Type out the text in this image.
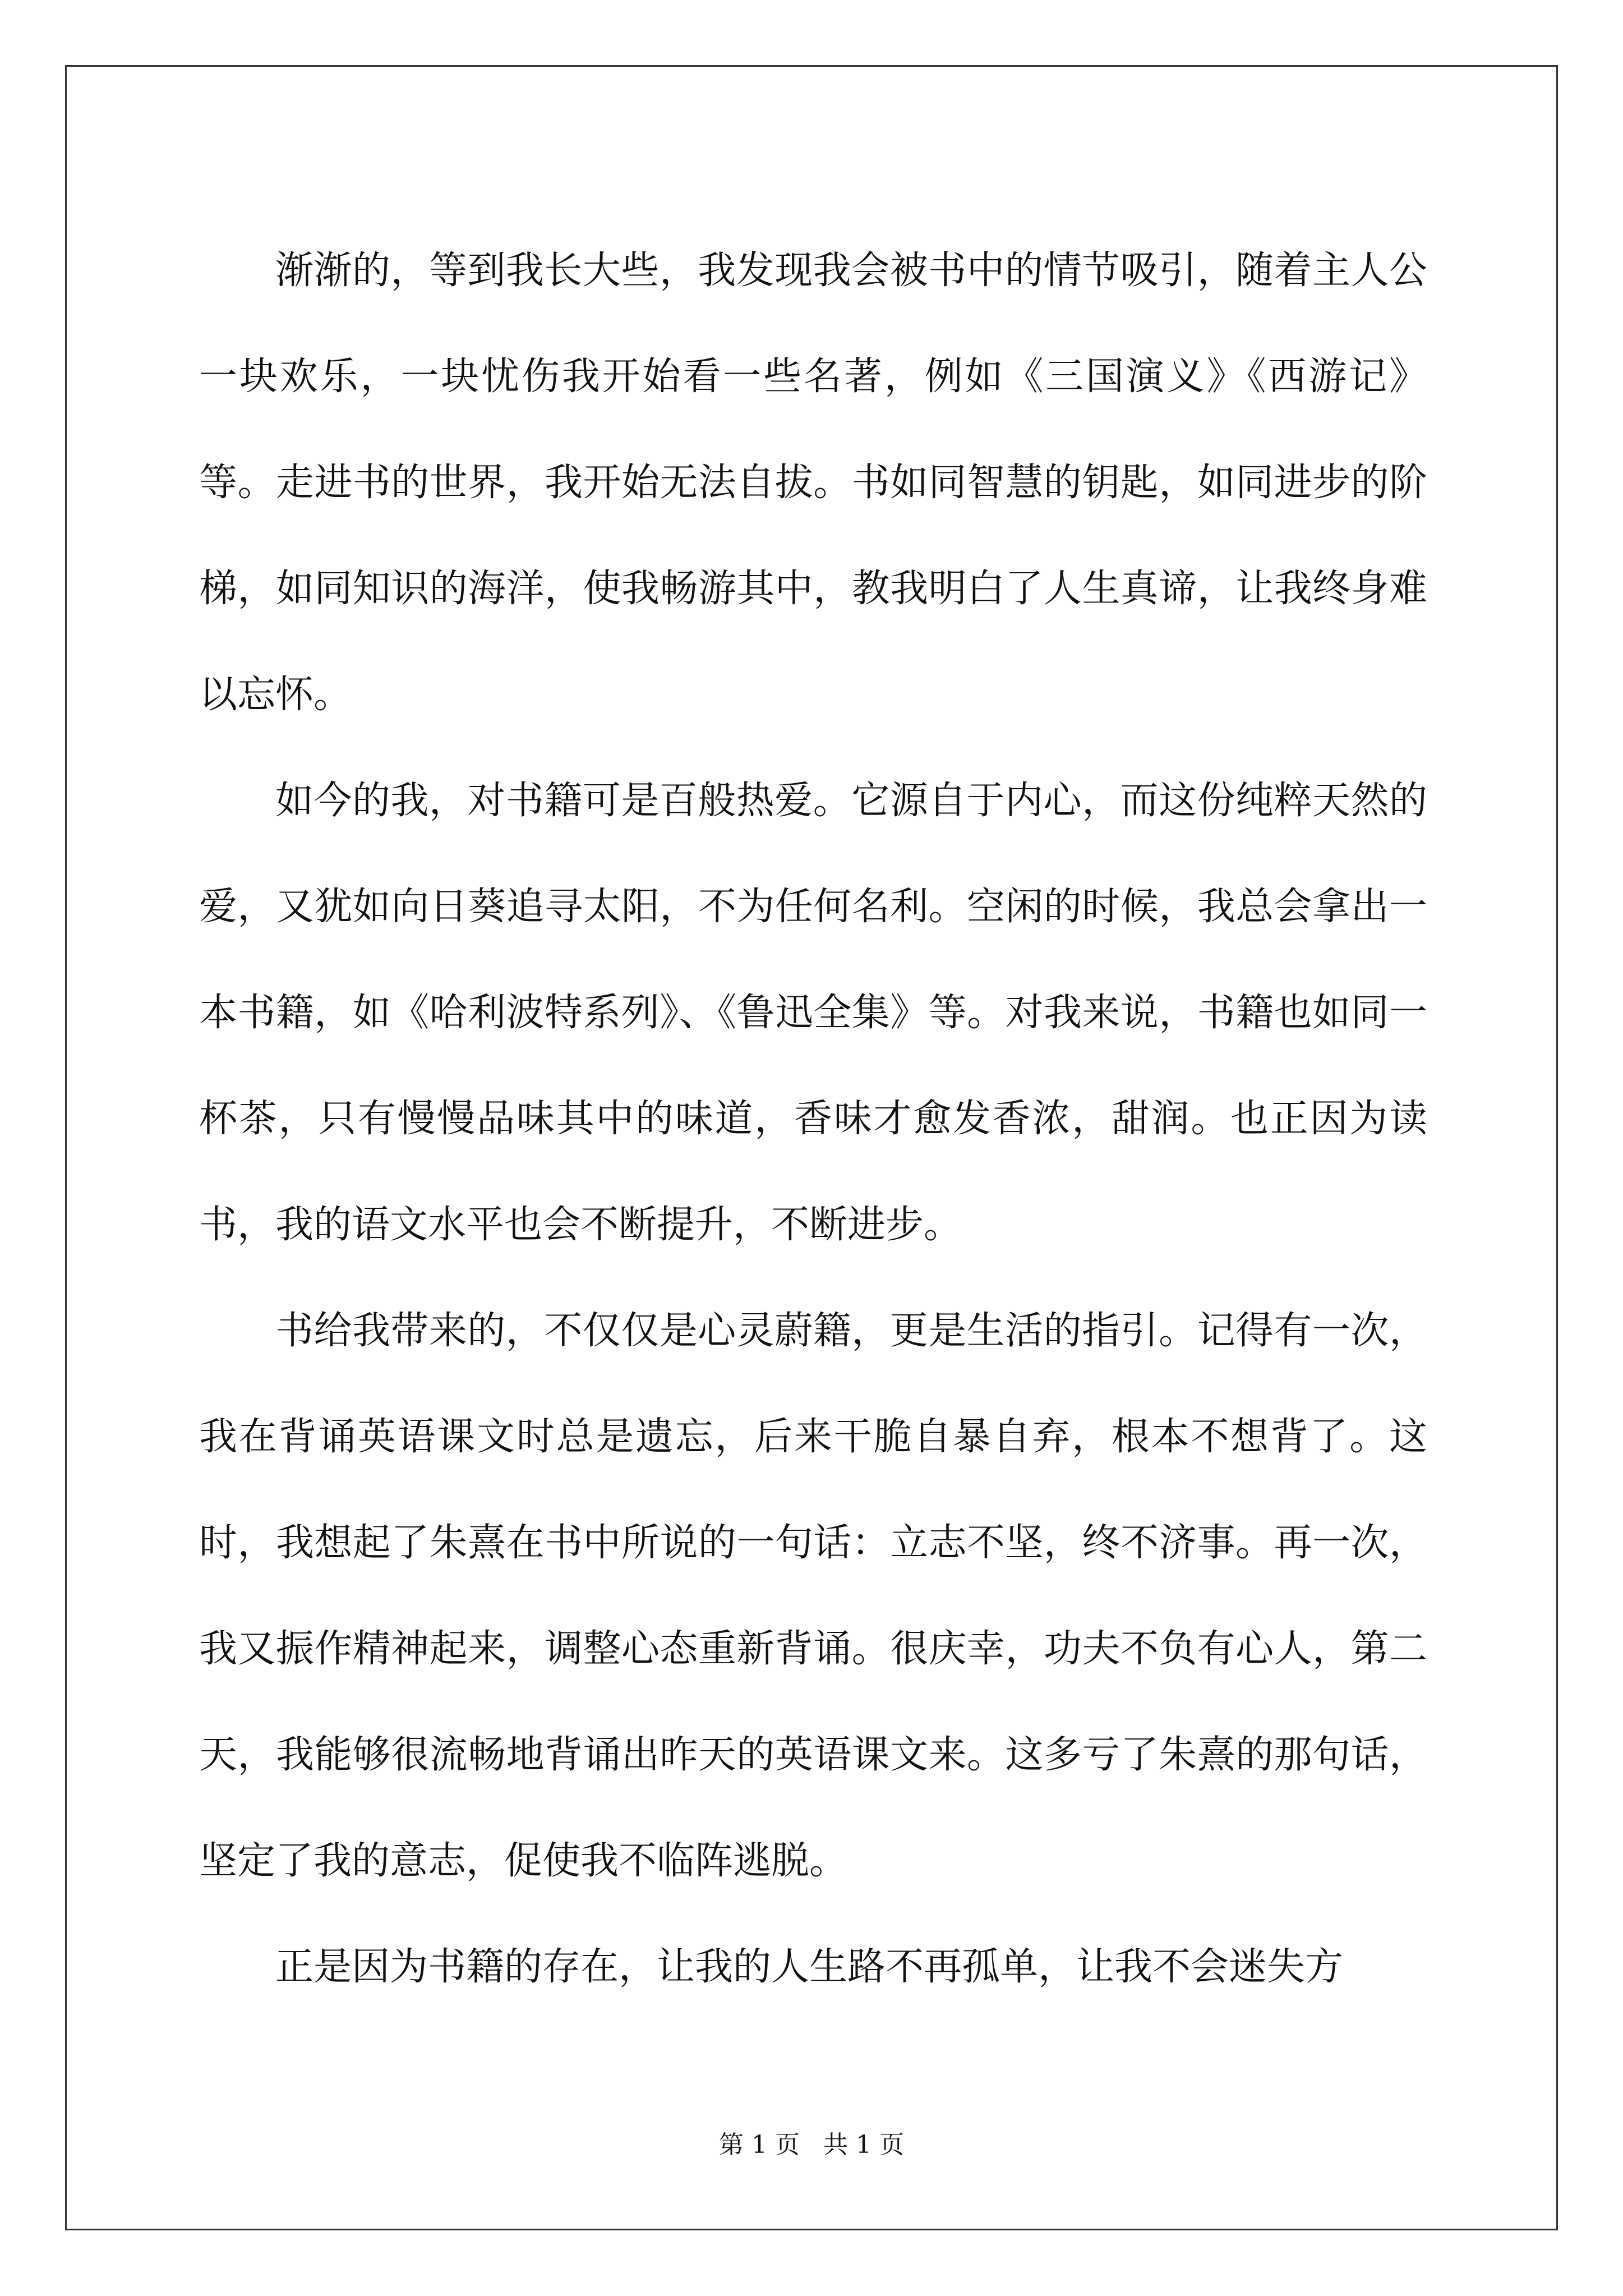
渐渐的，等到我长大些，我发现我会被书中的情节吸引，随着主人公一块欢乐，一块忧伤我开始看一些名著，例如《三国演义》《西游记》等。走进书的世界，我开始无法自拔。书如同智慧的钥匙，如同进步的阶梯，如同知识的海洋，使我畅游其中，教我明白了人生真谛，让我终身难以忘怀。

如今的我，对书籍可是百般热爱。它源自于内心，而这份纯粹天然的爱，又犹如向日葵追寻太阳，不为任何名利。空闲的时候，我总会拿出一本书籍，如《哈利波特系列》、《鲁迅全集》等。对我来说，书籍也如同一杯茶，只有慢慢品味其中的味道，香味才愈发香浓，甜润。也正因为读书，我的语文水平也会不断提升，不断进步。

书给我带来的，不仅仅是心灵蔚籍，更是生活的指引。记得有一次，我在背诵英语课文时总是遗忘，后来干脆自暴自弃，根本不想背了。这时，我想起了朱熹在书中所说的一句话：立志不坚，终不济事。再一次，我又振作精神起来，调整心态重新背诵。很庆幸，功夫不负有心人，第二天，我能够很流畅地背诵出昨天的英语课文来。这多亏了朱熹的那句话，坚定了我的意志，促使我不临阵逃脱。

正是因为书籍的存在，让我的人生路不再孤单，让我不会迷失方

第 1 页   共 1 页
